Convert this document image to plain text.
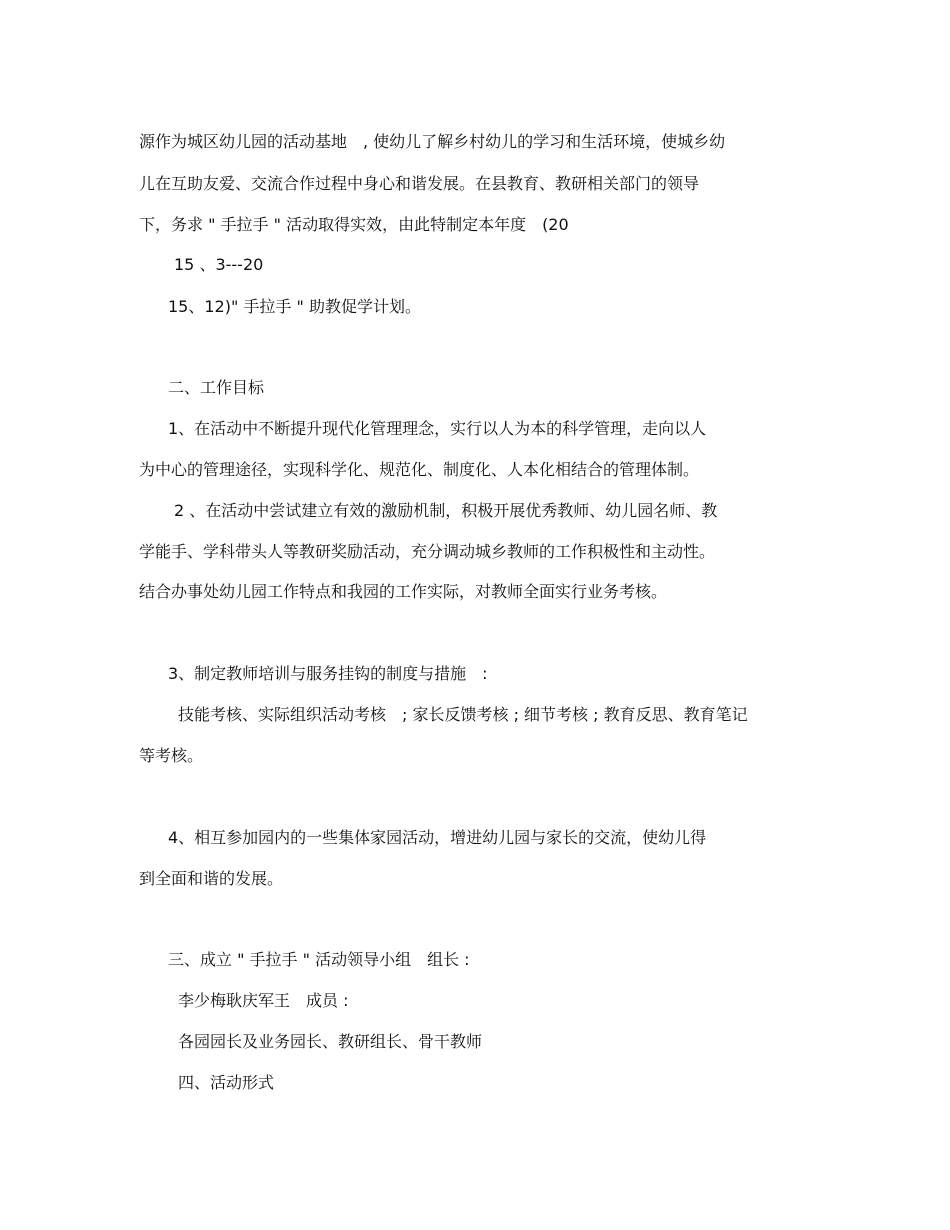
源作为城区幼儿园的活动基地　, 使幼儿了解乡村幼儿的学习和生活环境，使城乡幼
儿在互助友爱、交流合作过程中身心和谐发展。在县教育、教研相关部门的领导
下，务求 " 手拉手 " 活动取得实效，由此特制定本年度　(20
15 、3---20
15、12)" 手拉手 " 助教促学计划。
二、工作目标
1、在活动中不断提升现代化管理理念，实行以人为本的科学管理，走向以人
为中心的管理途径，实现科学化、规范化、制度化、人本化相结合的管理体制。
2 、在活动中尝试建立有效的激励机制，积极开展优秀教师、幼儿园名师、教
学能手、学科带头人等教研奖励活动，充分调动城乡教师的工作积极性和主动性。
结合办事处幼儿园工作特点和我园的工作实际，对教师全面实行业务考核。
3、制定教师培训与服务挂钩的制度与措施　:
技能考核、实际组织活动考核　; 家长反馈考核 ; 细节考核 ; 教育反思、教育笔记
等考核。
4、相互参加园内的一些集体家园活动，增进幼儿园与家长的交流，使幼儿得
到全面和谐的发展。
三、成立 " 手拉手 " 活动领导小组　组长 :
李少梅耿庆军王　成员 :
各园园长及业务园长、教研组长、骨干教师
四、活动形式
